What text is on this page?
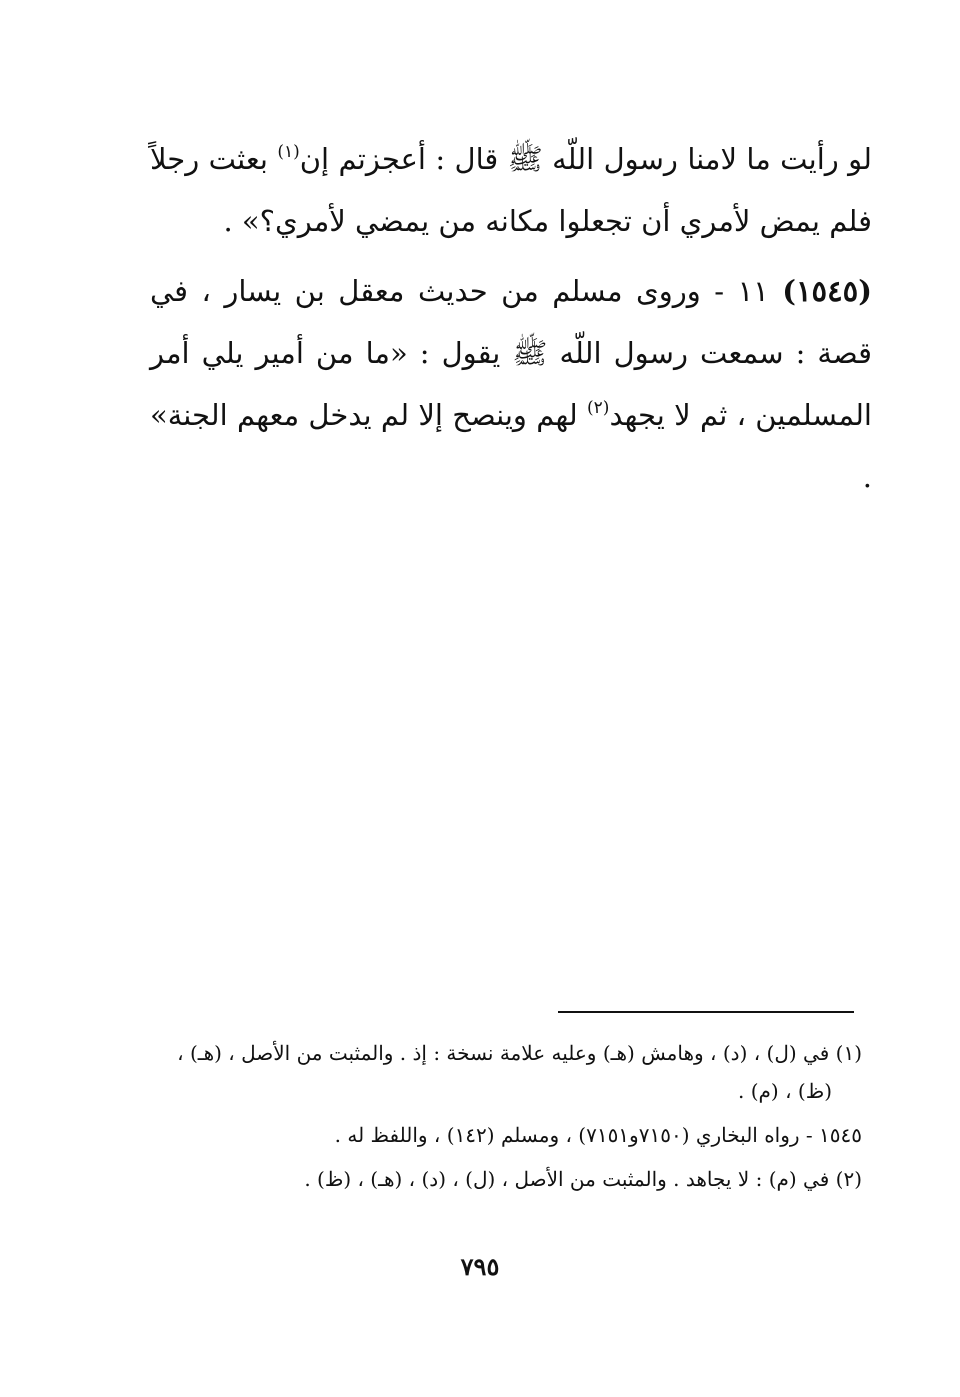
لو رأيت ما لامنا رسول اللّه ﷺ قال : أعجزتم إن$^{(١)}$ بعثت رجلاً فلم يمض لأمري أن تجعلوا مكانه من يمضي لأمري؟» .

(١٥٤٥) ١١ - وروى مسلم من حديث معقل بن يسار ، في قصة : سمعت رسول اللّه ﷺ يقول : «ما من أمير يلي أمر المسلمين ، ثم لا يجهد$^{(٢)}$ لهم وينصح إلا لم يدخل معهم الجنة» .

(١) في (ل) ، (د) ، وهامش (هـ) وعليه علامة نسخة : إذ . والمثبت من الأصل ، (هـ) ،
(ظ) ، (م) .

١٥٤٥ - رواه البخاري (٧١٥٠و٧١٥١) ، ومسلم (١٤٢) ، واللفظ له .

(٢) في (م) : لا يجاهد . والمثبت من الأصل ، (ل) ، (د) ، (هـ) ، (ظ) .

٧٩٥
